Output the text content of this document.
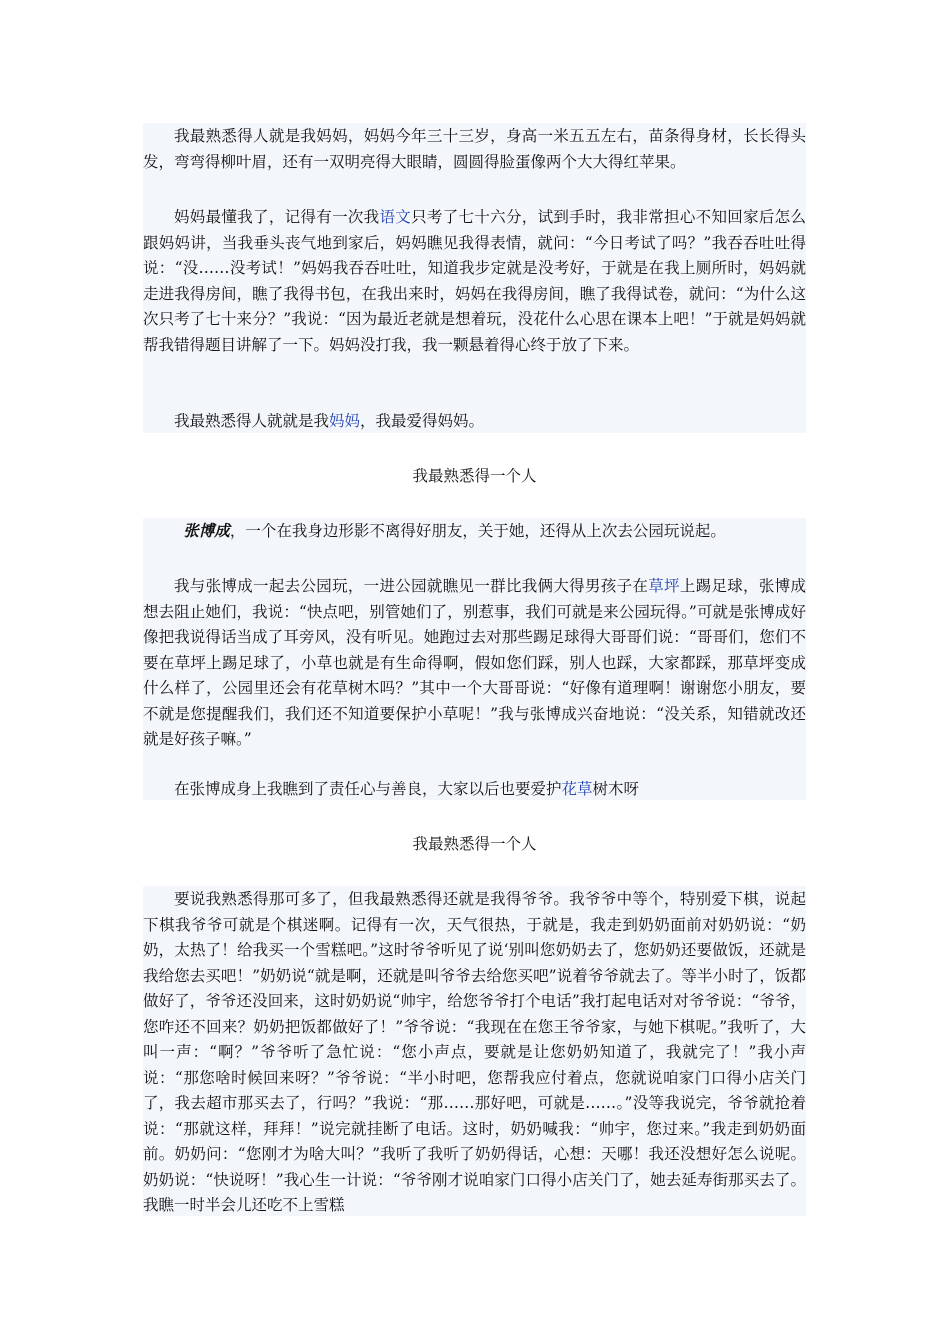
我最熟悉得人就是我妈妈，妈妈今年三十三岁，身高一米五五左右，苗条得身材，长长得头发，弯弯得柳叶眉，还有一双明亮得大眼睛，圆圆得脸蛋像两个大大得红苹果。

妈妈最懂我了，记得有一次我语文只考了七十六分，试到手时，我非常担心不知回家后怎么跟妈妈讲，当我垂头丧气地到家后，妈妈瞧见我得表情，就问：“今日考试了吗？”我吞吞吐吐得说：“没……没考试！”妈妈我吞吞吐吐，知道我步定就是没考好，于就是在我上厕所时，妈妈就走进我得房间，瞧了我得书包，在我出来时，妈妈在我得房间，瞧了我得试卷，就问：“为什么这次只考了七十来分？”我说：“因为最近老就是想着玩，没花什么心思在课本上吧！”于就是妈妈就帮我错得题目讲解了一下。妈妈没打我，我一颗悬着得心终于放了下来。

我最熟悉得人就就是我妈妈，我最爱得妈妈。

我最熟悉得一个人

张博成，一个在我身边形影不离得好朋友，关于她，还得从上次去公园玩说起。

我与张博成一起去公园玩，一进公园就瞧见一群比我俩大得男孩子在草坪上踢足球，张博成想去阻止她们，我说：“快点吧，别管她们了，别惹事，我们可就是来公园玩得。”可就是张博成好像把我说得话当成了耳旁风，没有听见。她跑过去对那些踢足球得大哥哥们说：“哥哥们，您们不要在草坪上踢足球了，小草也就是有生命得啊，假如您们踩，别人也踩，大家都踩，那草坪变成什么样了，公园里还会有花草树木吗？”其中一个大哥哥说：“好像有道理啊！谢谢您小朋友，要不就是您提醒我们，我们还不知道要保护小草呢！”我与张博成兴奋地说：“没关系，知错就改还就是好孩子嘛。”

在张博成身上我瞧到了责任心与善良，大家以后也要爱护花草树木呀

我最熟悉得一个人

要说我熟悉得那可多了，但我最熟悉得还就是我得爷爷。我爷爷中等个，特别爱下棋，说起下棋我爷爷可就是个棋迷啊。记得有一次，天气很热，于就是，我走到奶奶面前对奶奶说：“奶奶，太热了！给我买一个雪糕吧。”这时爷爷听见了说‘别叫您奶奶去了，您奶奶还要做饭，还就是我给您去买吧！”奶奶说“就是啊，还就是叫爷爷去给您买吧”说着爷爷就去了。等半小时了，饭都做好了，爷爷还没回来，这时奶奶说“帅宇，给您爷爷打个电话”我打起电话对对爷爷说：“爷爷，您咋还不回来？奶奶把饭都做好了！”爷爷说：“我现在在您王爷爷家，与她下棋呢。”我听了，大叫一声：“啊？”爷爷听了急忙说：“您小声点，要就是让您奶奶知道了，我就完了！”我小声说：“那您啥时候回来呀？”爷爷说：“半小时吧，您帮我应付着点，您就说咱家门口得小店关门了，我去超市那买去了，行吗？”我说：“那……那好吧，可就是……。”没等我说完，爷爷就抢着说：“那就这样，拜拜！”说完就挂断了电话。这时，奶奶喊我：“帅宇，您过来。”我走到奶奶面前。奶奶问：“您刚才为啥大叫？”我听了我听了奶奶得话，心想：天哪！我还没想好怎么说呢。奶奶说：“快说呀！”我心生一计说：“爷爷刚才说咱家门口得小店关门了，她去延寿街那买去了。我瞧一时半会儿还吃不上雪糕
